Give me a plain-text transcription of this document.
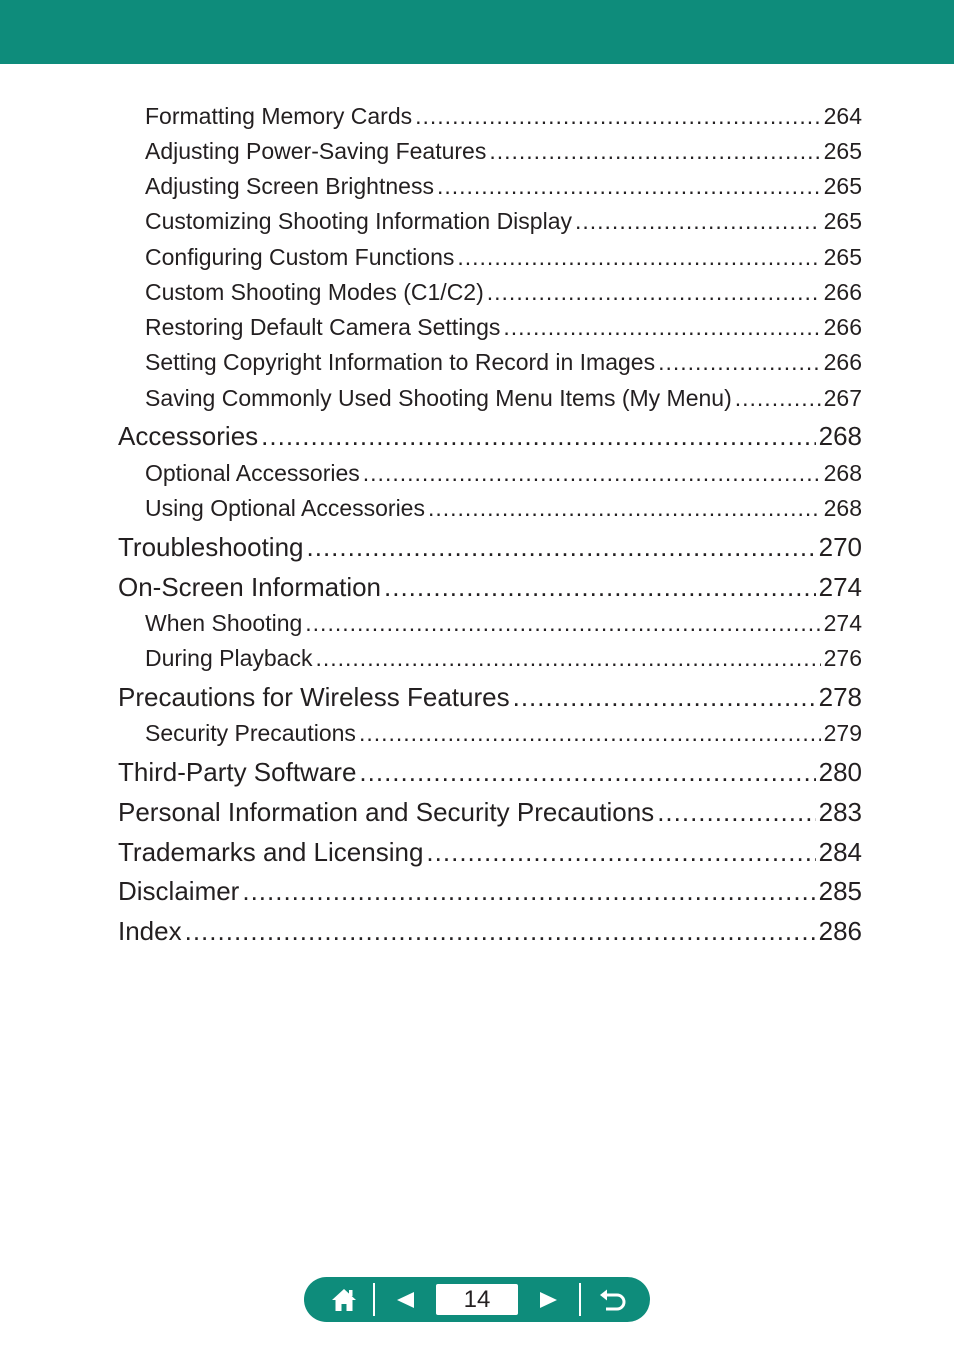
Formatting Memory Cards .....	264
Adjusting Power-Saving Features .....	265
Adjusting Screen Brightness .....	265
Customizing Shooting Information Display .....	265
Configuring Custom Functions .....	265
Custom Shooting Modes (C1/C2) .....	266
Restoring Default Camera Settings .....	266
Setting Copyright Information to Record in Images .....	266
Saving Commonly Used Shooting Menu Items (My Menu) .....	267
Accessories .....	268
Optional Accessories .....	268
Using Optional Accessories .....	268
Troubleshooting .....	270
On-Screen Information .....	274
When Shooting .....	274
During Playback .....	276
Precautions for Wireless Features .....	278
Security Precautions .....	279
Third-Party Software .....	280
Personal Information and Security Precautions .....	283
Trademarks and Licensing .....	284
Disclaimer .....	285
Index .....	286
14
